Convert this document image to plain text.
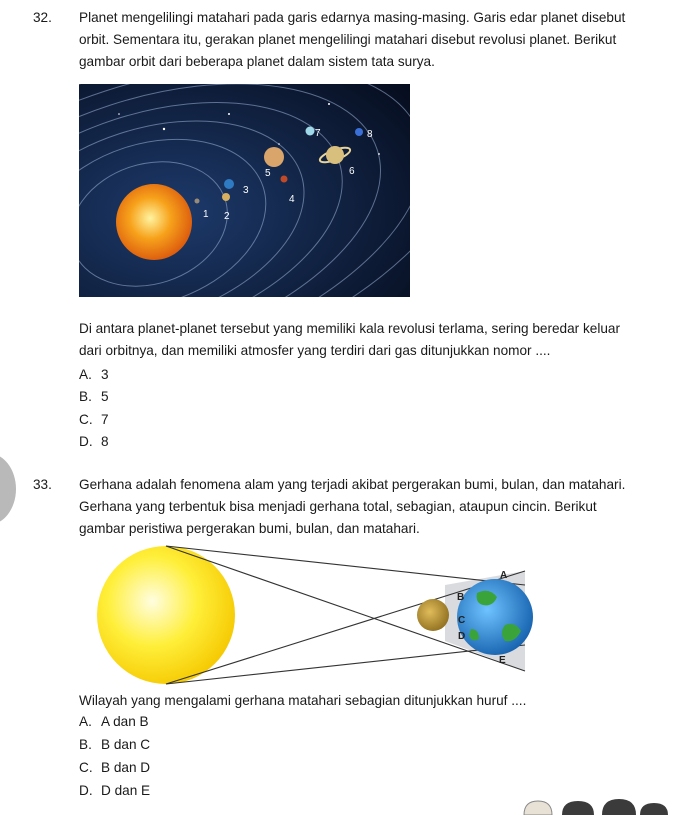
32. Planet mengelilingi matahari pada garis edarnya masing-masing. Garis edar planet disebut
orbit. Sementara itu, gerakan planet mengelilingi matahari disebut revolusi planet. Berikut
gambar orbit dari beberapa planet dalam sistem tata surya.
1 2
3
4
5	6
7	8
Di antara planet-planet tersebut yang memiliki kala revolusi terlama, sering beredar keluar
dari orbitnya, dan memiliki atmosfer yang terdiri dari gas ditunjukkan nomor ....
A. 3
B. 5
C. 7
D. 8
33. Gerhana adalah fenomena alam yang terjadi akibat pergerakan bumi, bulan, dan matahari.
Gerhana yang terbentuk bisa menjadi gerhana total, sebagian, ataupun cincin. Berikut
gambar peristiwa pergerakan bumi, bulan, dan matahari.
A
B
C
D
E
Wilayah yang mengalami gerhana matahari sebagian ditunjukkan huruf ....
A. A dan B
B. B dan C
C. B dan D
D. D dan E
